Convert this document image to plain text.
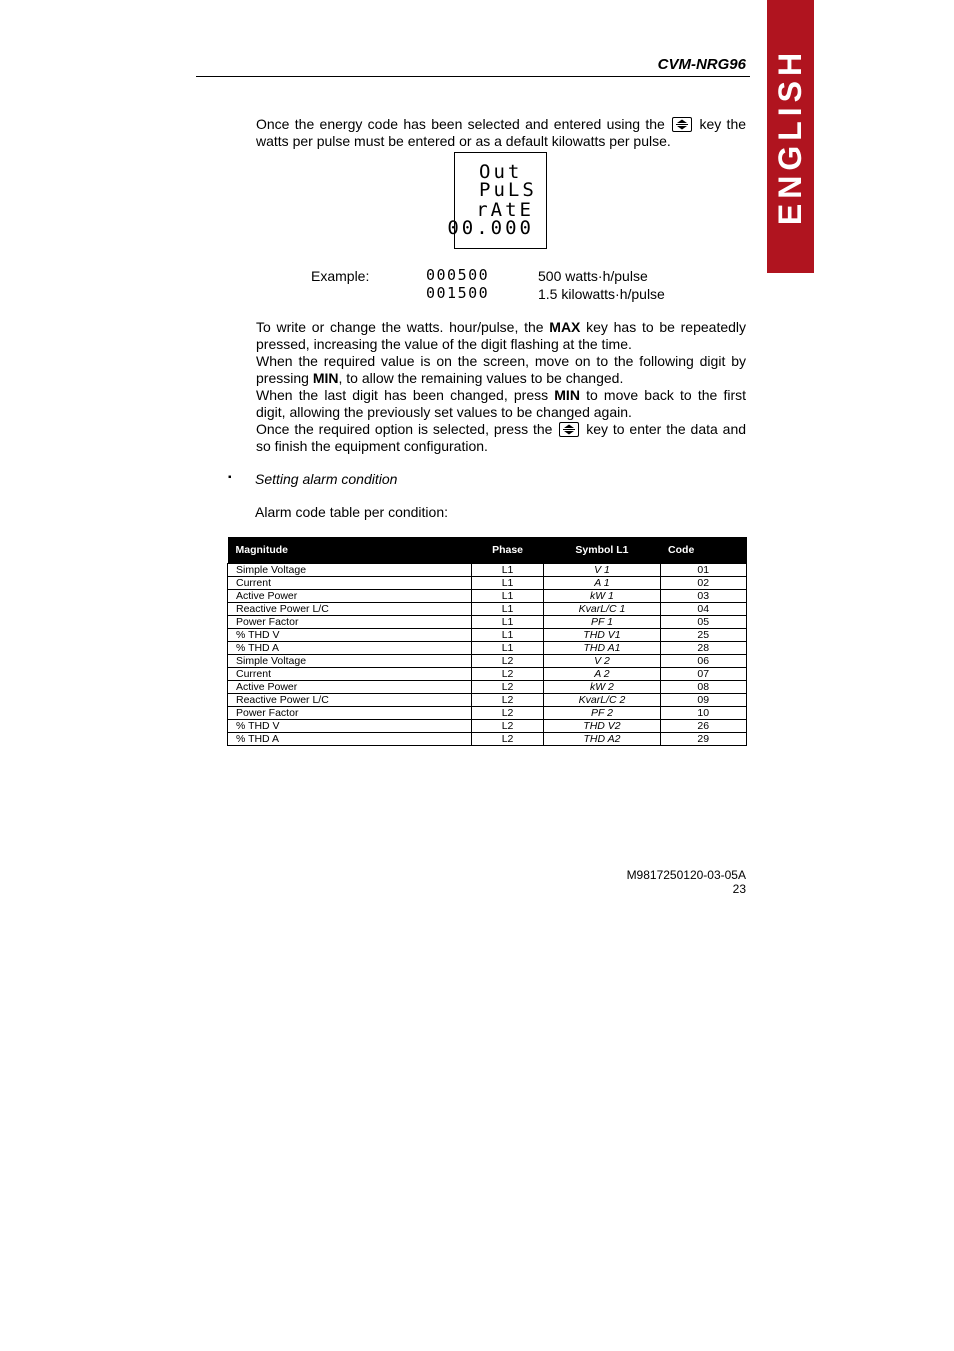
ENGLISH
CVM-NRG96
Once the energy code has been selected and entered using the key the watts per pulse must be entered or as a default kilowatts per pulse.
Out
PuLS
rAtE
00.000
Example:	000500	500 watts·h/pulse
001500	1.5 kilowatts·h/pulse
To write or change the watts. hour/pulse, the MAX key has to be repeatedly pressed, increasing the value of the digit flashing at the time.
When the required value is on the screen, move on to the following digit by pressing MIN, to allow the remaining values to be changed.
When the last digit has been changed, press MIN to move back to the first digit, allowing the previously set values to be changed again.
Once the required option is selected, press the key to enter the data and so finish the equipment configuration.
▪ Setting alarm condition
Alarm code table per condition:
Magnitude	Phase	Symbol L1	Code
Simple Voltage	L1	V 1	01
Current	L1	A 1	02
Active Power	L1	kW 1	03
Reactive Power L/C	L1	KvarL/C 1	04
Power Factor	L1	PF 1	05
% THD V	L1	THD V1	25
% THD A	L1	THD A1	28
Simple Voltage	L2	V 2	06
Current	L2	A 2	07
Active Power	L2	kW 2	08
Reactive Power L/C	L2	KvarL/C 2	09
Power Factor	L2	PF 2	10
% THD V	L2	THD V2	26
% THD A	L2	THD A2	29
M9817250120-03-05A
23
